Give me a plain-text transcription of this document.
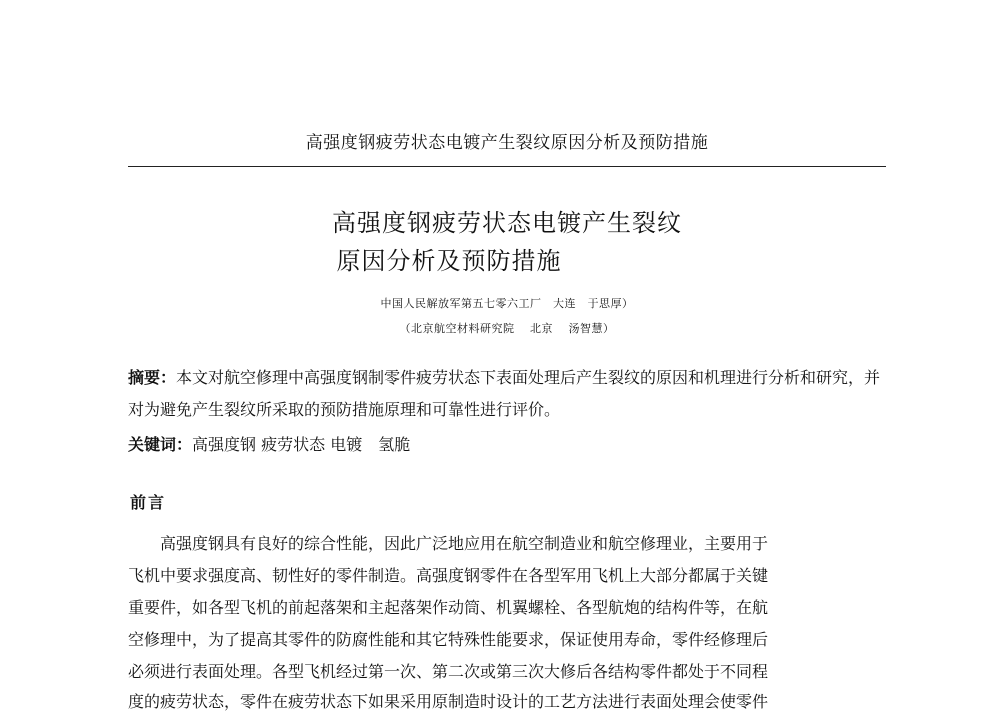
高强度钢疲劳状态电镀产生裂纹原因分析及预防措施
高强度钢疲劳状态电镀产生裂纹
原因分析及预防措施
中国人民解放军第五七零六工厂　大连　于思厚）
（北京航空材料研究院　 北京　 汤智慧）
摘要：本文对航空修理中高强度钢制零件疲劳状态下表面处理后产生裂纹的原因和机理进行分析和研究，并对为避免产生裂纹所采取的预防措施原理和可靠性进行评价。
关键词：高强度钢 疲劳状态 电镀　氢脆
前言
高强度钢具有良好的综合性能，因此广泛地应用在航空制造业和航空修理业，主要用于
飞机中要求强度高、韧性好的零件制造。高强度钢零件在各型军用飞机上大部分都属于关键
重要件，如各型飞机的前起落架和主起落架作动筒、机翼螺栓、各型航炮的结构件等，在航
空修理中，为了提高其零件的防腐性能和其它特殊性能要求，保证使用寿命，零件经修理后
必须进行表面处理。各型飞机经过第一次、第二次或第三次大修后各结构零件都处于不同程
度的疲劳状态，零件在疲劳状态下如果采用原制造时设计的工艺方法进行表面处理会使零件
